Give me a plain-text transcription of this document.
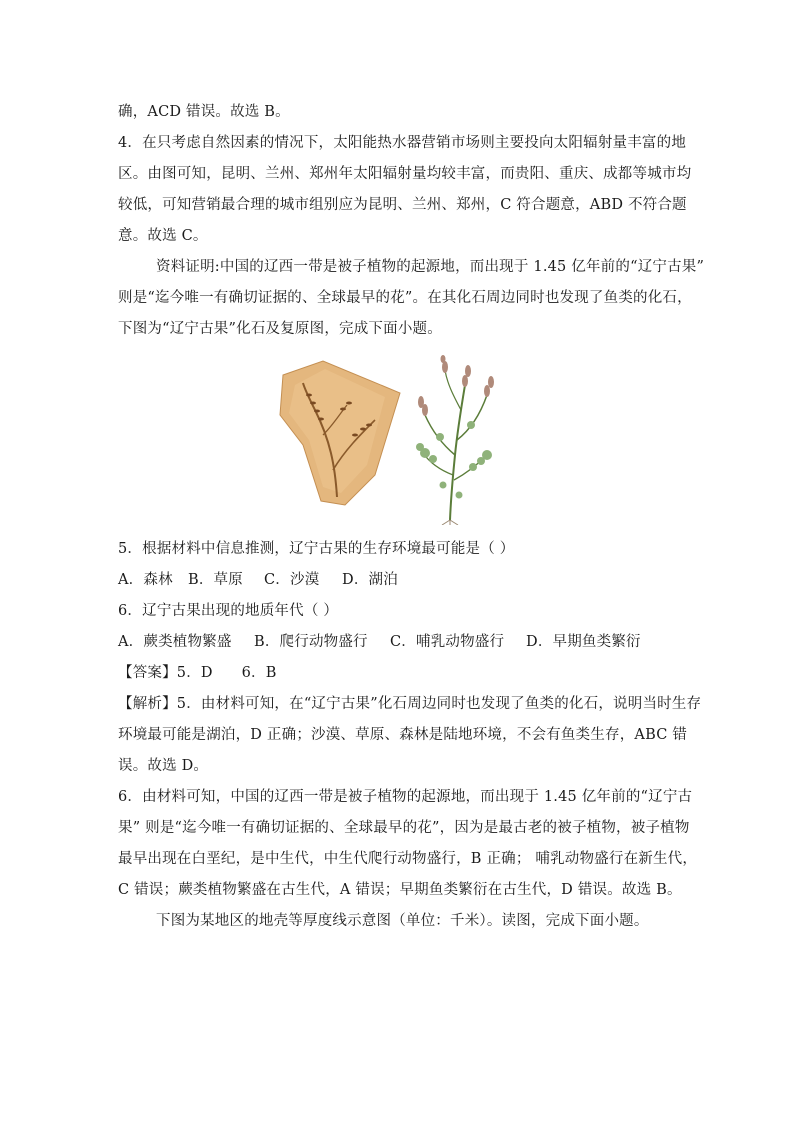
确，ACD 错误。故选 B。
4．在只考虑自然因素的情况下，太阳能热水器营销市场则主要投向太阳辐射量丰富的地
区。由图可知，昆明、兰州、郑州年太阳辐射量均较丰富，而贵阳、重庆、成都等城市均
较低，可知营销最合理的城市组别应为昆明、兰州、郑州，C 符合题意，ABD 不符合题
意。故选 C。
资料证明:中国的辽西一带是被子植物的起源地，而出现于 1.45 亿年前的“辽宁古果”
则是“迄今唯一有确切证据的、全球最早的花”。在其化石周边同时也发现了鱼类的化石，
下图为“辽宁古果”化石及复原图，完成下面小题。
5．根据材料中信息推测，辽宁古果的生存环境最可能是（ ）
A．森林 B．草原 C．沙漠 D．湖泊
6．辽宁古果出现的地质年代（ ）
A．蕨类植物繁盛 B．爬行动物盛行 C．哺乳动物盛行 D．早期鱼类繁衍
【答案】5．D      6．B
【解析】5．由材料可知，在“辽宁古果”化石周边同时也发现了鱼类的化石，说明当时生存
环境最可能是湖泊，D 正确；沙漠、草原、森林是陆地环境，不会有鱼类生存，ABC 错
误。故选 D。
6．由材料可知，中国的辽西一带是被子植物的起源地，而出现于 1.45 亿年前的“辽宁古
果” 则是“迄今唯一有确切证据的、全球最早的花”，因为是最古老的被子植物，被子植物
最早出现在白垩纪，是中生代，中生代爬行动物盛行，B 正确； 哺乳动物盛行在新生代，
C 错误；蕨类植物繁盛在古生代，A 错误；早期鱼类繁衍在古生代，D 错误。故选 B。
下图为某地区的地壳等厚度线示意图（单位：千米）。读图，完成下面小题。
